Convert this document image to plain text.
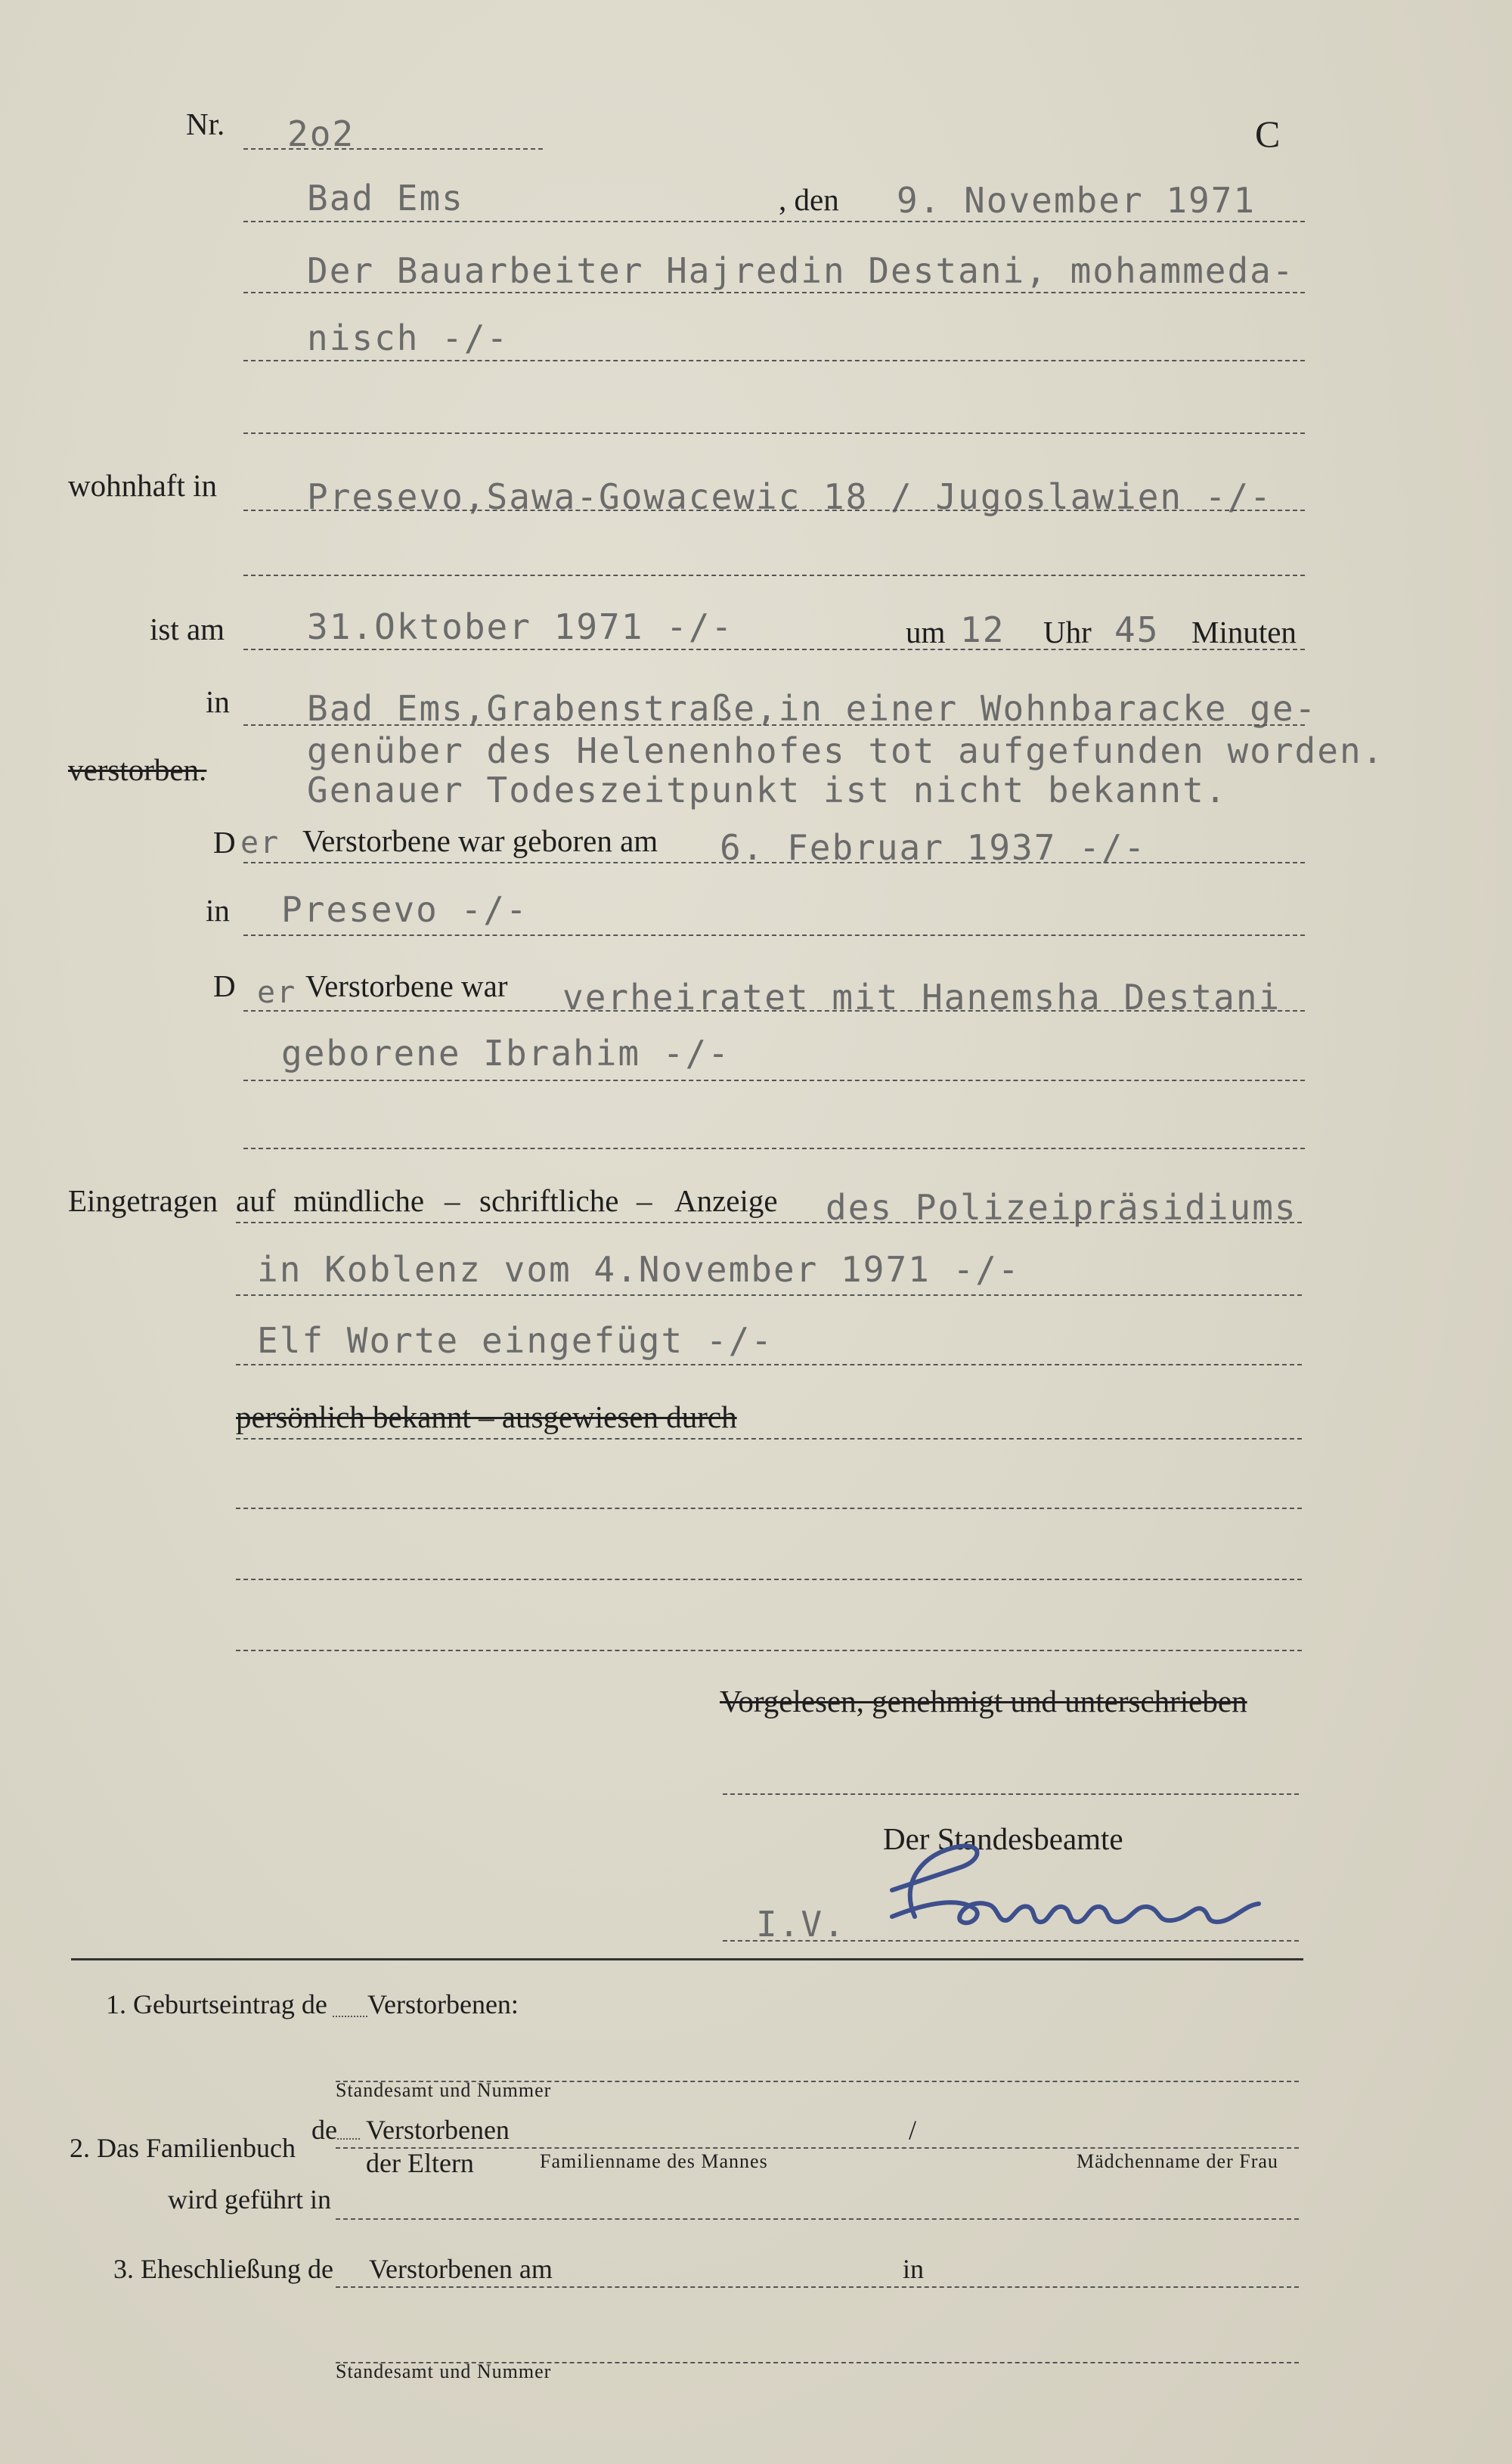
Nr. 2o2	C
Bad Ems	, den 9. November 1971
Der Bauarbeiter Hajredin Destani, mohammeda-
nisch -/-
wohnhaft in	Presevo,Sawa-Gowacewic 18 / Jugoslawien -/-
ist am 31.Oktober 1971 -/-	um 12 Uhr 45 Minuten
in Bad Ems,Grabenstraße,in einer Wohnbaracke ge-
genüber des Helenenhofes tot aufgefunden worden.
verstorben.	Genauer Todeszeitpunkt ist nicht bekannt.
D er Verstorbene war geboren am 6. Februar 1937 -/-
in Presevo -/-
D er Verstorbene war verheiratet mit Hanemsha Destani
geborene Ibrahim -/-
Eingetragen auf mündliche – schriftliche – Anzeige des Polizeipräsidiums
in Koblenz vom 4.November 1971 -/-
Elf Worte eingefügt -/-
persönlich bekannt – ausgewiesen durch
Vorgelesen, genehmigt und unterschrieben
Der Standesbeamte
I.V.
1. Geburtseintrag de Verstorbenen:
Standesamt und Nummer
2. Das Familienbuch
de Verstorbenen	/
der Eltern	Familienname des Mannes	Mädchenname der Frau
wird geführt in
3. Eheschließung de Verstorbenen am	in
Standesamt und Nummer
